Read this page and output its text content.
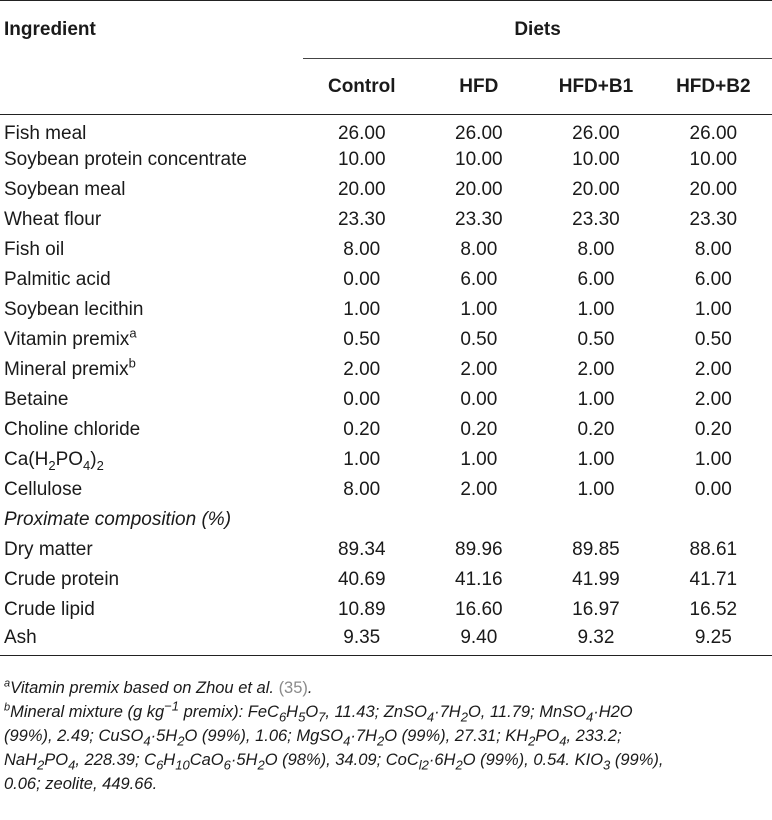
Ingredient	Diets			
	Control	HFD	HFD+B1	HFD+B2
Fish meal	26.00	26.00	26.00	26.00
Soybean protein concentrate	10.00	10.00	10.00	10.00
Soybean meal	20.00	20.00	20.00	20.00
Wheat flour	23.30	23.30	23.30	23.30
Fish oil	8.00	8.00	8.00	8.00
Palmitic acid	0.00	6.00	6.00	6.00
Soybean lecithin	1.00	1.00	1.00	1.00
Vitamin premix$^a$	0.50	0.50	0.50	0.50
Mineral premix$^b$	2.00	2.00	2.00	2.00
Betaine	0.00	0.00	1.00	2.00
Choline chloride	0.20	0.20	0.20	0.20
$Ca(H_2PO_4)_2$	1.00	1.00	1.00	1.00
Cellulose	8.00	2.00	1.00	0.00
Proximate composition (%)				
Dry matter	89.34	89.96	89.85	88.61
Crude protein	40.69	41.16	41.99	41.71
Crude lipid	10.89	16.60	16.97	16.52
Ash	9.35	9.40	9.32	9.25

$^a$Vitamin premix based on Zhou et al. (35).

$^b$Mineral mixture (g $kg^{-1}$ premix): $FeC_6H_5O_7$, 11.43; $ZnSO_4\cdot 7H_2O$, 11.79; MnSO$_4$·H2O
(99%), 2.49; $CuSO_4\cdot 5H_2O$ (99%), 1.06; $MgSO_4\cdot 7H_2O$ (99%), 27.31; $KH_2PO_4$, 233.2;
$NaH_2PO_4$, 228.39; $C_6H_{10}CaO_6\cdot 5H_2O$ (98%), 34.09; $CoC_{l2}\cdot 6H_2O$ (99%), 0.54. $KIO_3$ (99%),
0.06; zeolite, 449.66.
